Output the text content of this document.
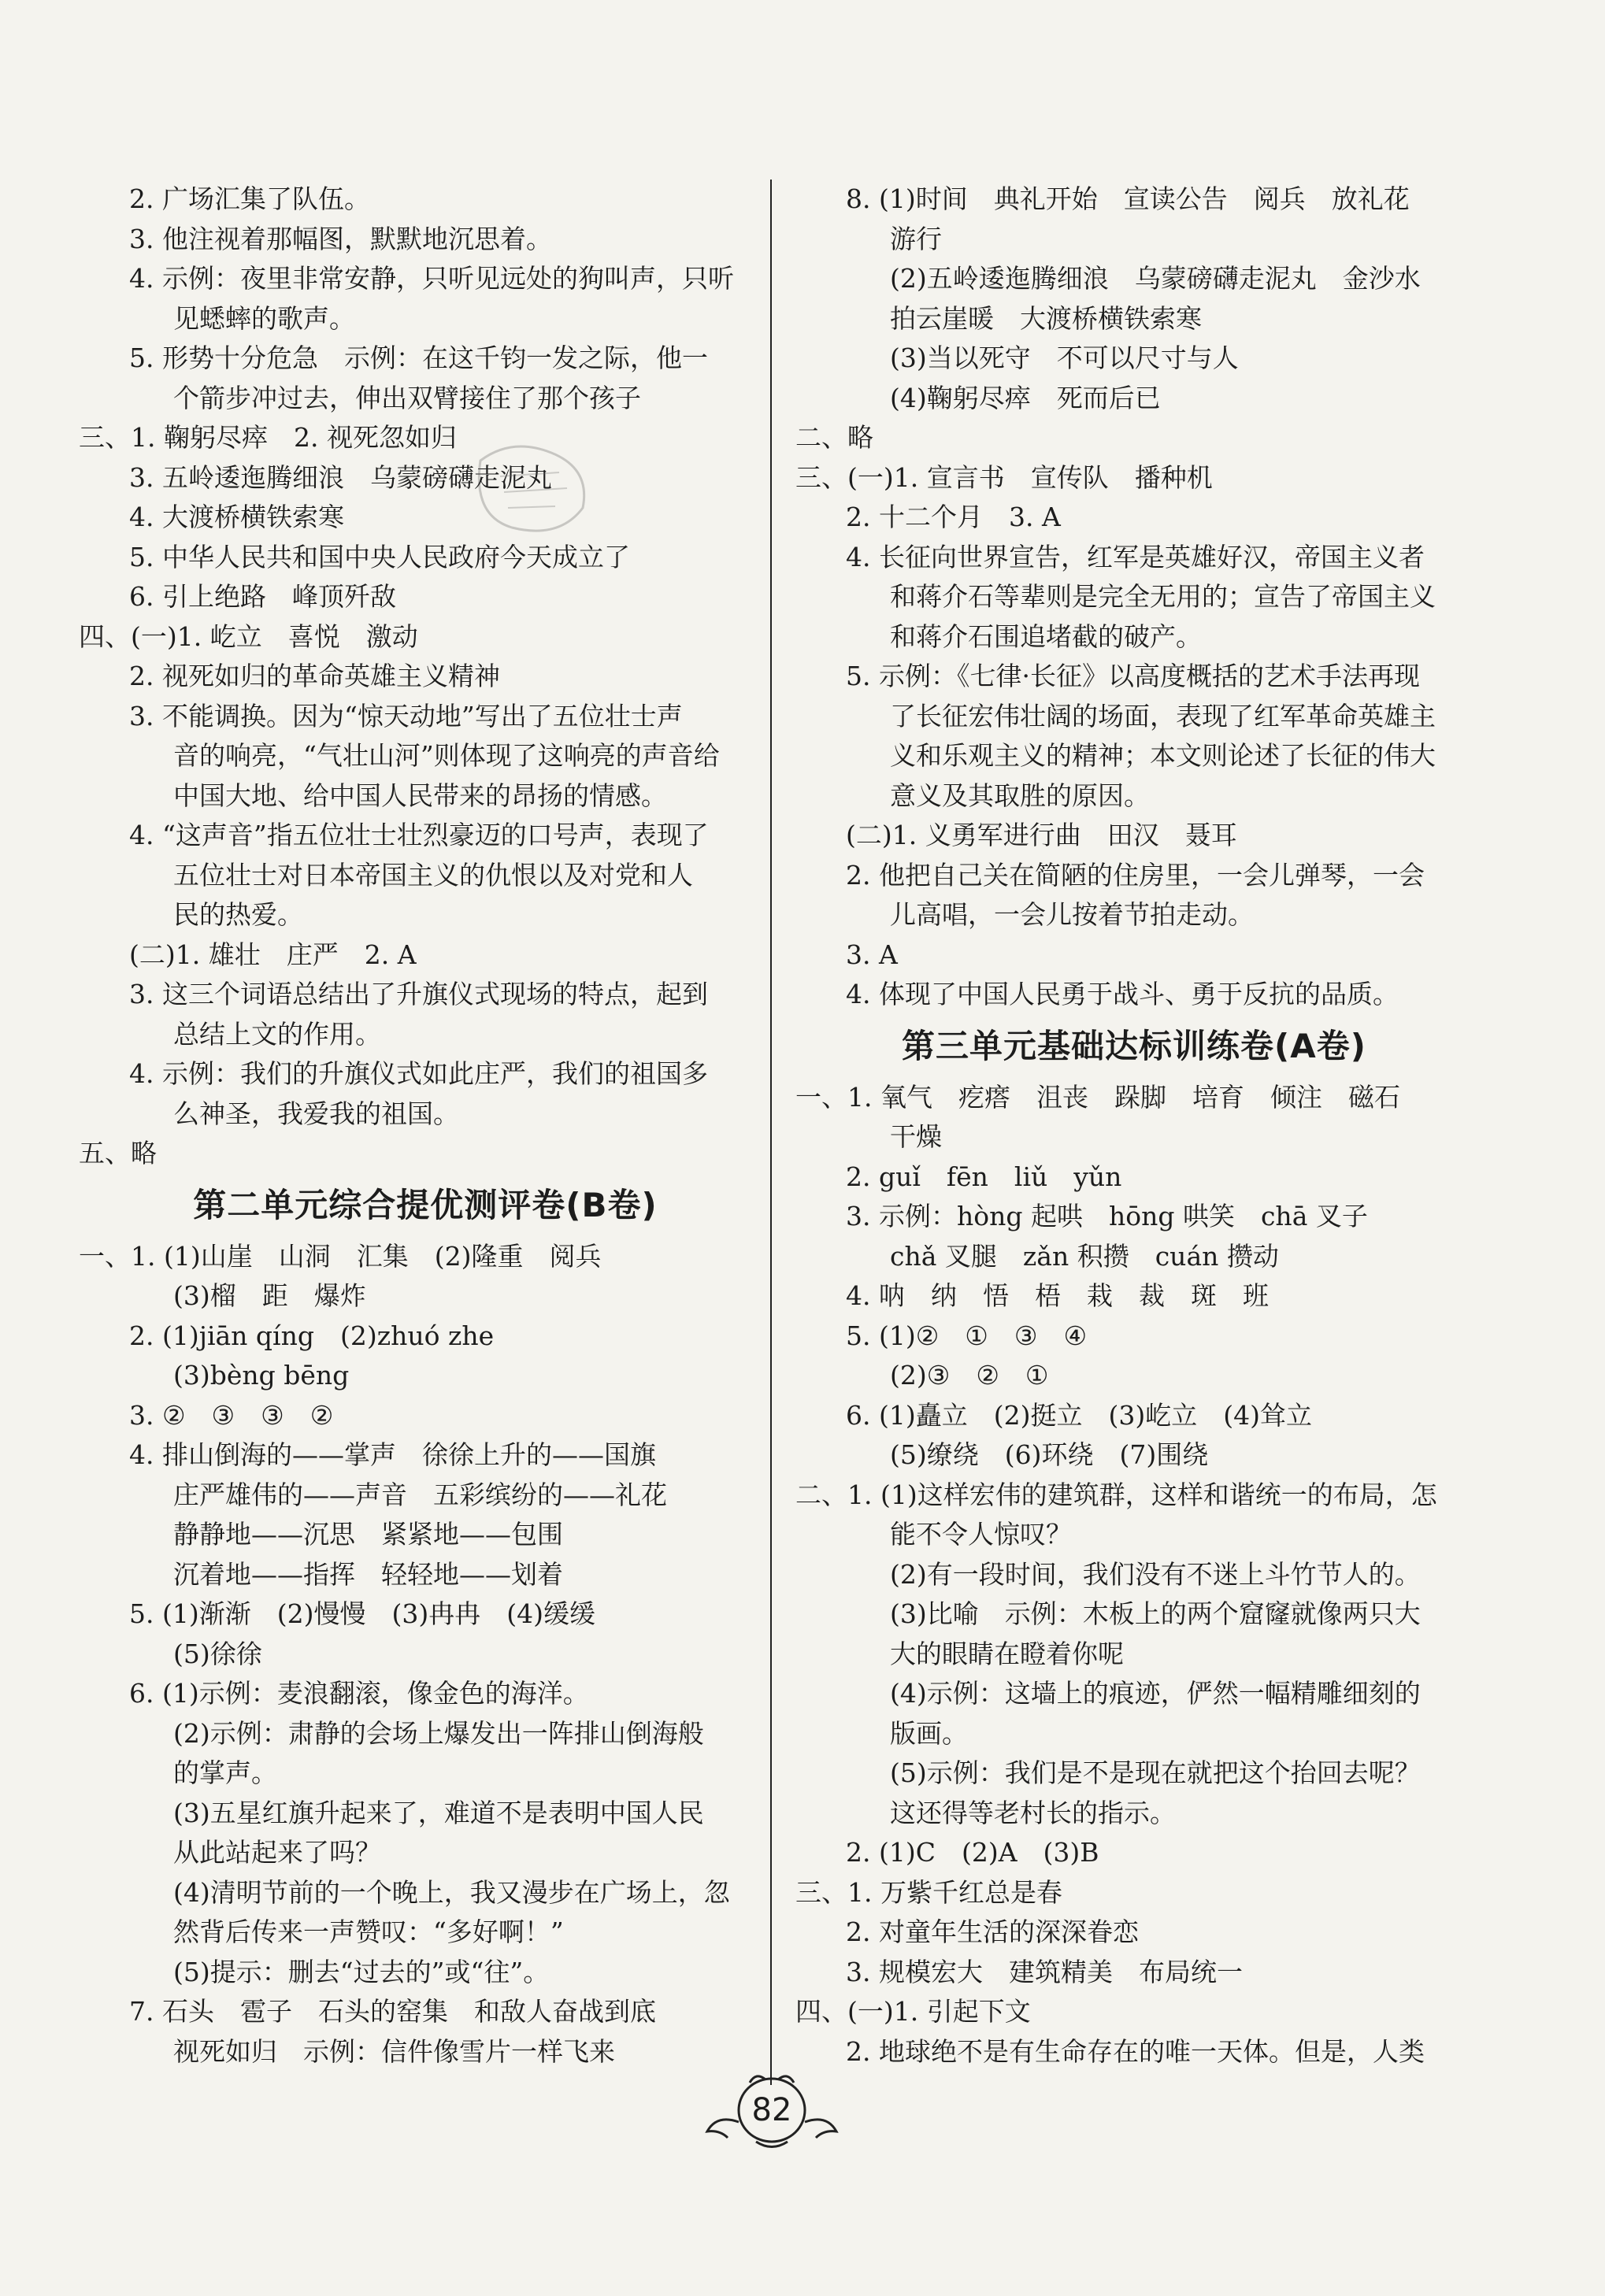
2. 广场汇集了队伍。
3. 他注视着那幅图，默默地沉思着。
4. 示例：夜里非常安静，只听见远处的狗叫声，只听
见蟋蟀的歌声。
5. 形势十分危急　示例：在这千钧一发之际，他一
个箭步冲过去，伸出双臂接住了那个孩子
三、1. 鞠躬尽瘁　2. 视死忽如归
3. 五岭逶迤腾细浪　乌蒙磅礴走泥丸
4. 大渡桥横铁索寒
5. 中华人民共和国中央人民政府今天成立了
6. 引上绝路　峰顶歼敌
四、(一)1. 屹立　喜悦　激动
2. 视死如归的革命英雄主义精神
3. 不能调换。因为“惊天动地”写出了五位壮士声
音的响亮，“气壮山河”则体现了这响亮的声音给
中国大地、给中国人民带来的昂扬的情感。
4. “这声音”指五位壮士壮烈豪迈的口号声，表现了
五位壮士对日本帝国主义的仇恨以及对党和人
民的热爱。
(二)1. 雄壮　庄严　2. A
3. 这三个词语总结出了升旗仪式现场的特点，起到
总结上文的作用。
4. 示例：我们的升旗仪式如此庄严，我们的祖国多
么神圣，我爱我的祖国。
五、略
第二单元综合提优测评卷(B卷)
一、1. (1)山崖　山洞　汇集　(2)隆重　阅兵
(3)榴　距　爆炸
2. (1)jiān qíng　(2)zhuó zhe
(3)bèng bēng
3. ②　③　③　②
4. 排山倒海的——掌声　徐徐上升的——国旗
庄严雄伟的——声音　五彩缤纷的——礼花
静静地——沉思　紧紧地——包围
沉着地——指挥　轻轻地——划着
5. (1)渐渐　(2)慢慢　(3)冉冉　(4)缓缓
(5)徐徐
6. (1)示例：麦浪翻滚，像金色的海洋。
(2)示例：肃静的会场上爆发出一阵排山倒海般
的掌声。
(3)五星红旗升起来了，难道不是表明中国人民
从此站起来了吗？
(4)清明节前的一个晚上，我又漫步在广场上，忽
然背后传来一声赞叹：“多好啊！”
(5)提示：删去“过去的”或“往”。
7. 石头　雹子　石头的窑集　和敌人奋战到底
视死如归　示例：信件像雪片一样飞来
8. (1)时间　典礼开始　宣读公告　阅兵　放礼花
游行
(2)五岭逶迤腾细浪　乌蒙磅礴走泥丸　金沙水
拍云崖暖　大渡桥横铁索寒
(3)当以死守　不可以尺寸与人
(4)鞠躬尽瘁　死而后已
二、略
三、(一)1. 宣言书　宣传队　播种机
2. 十二个月　3. A
4. 长征向世界宣告，红军是英雄好汉，帝国主义者
和蒋介石等辈则是完全无用的；宣告了帝国主义
和蒋介石围追堵截的破产。
5. 示例：《七律·长征》以高度概括的艺术手法再现
了长征宏伟壮阔的场面，表现了红军革命英雄主
义和乐观主义的精神；本文则论述了长征的伟大
意义及其取胜的原因。
(二)1. 义勇军进行曲　田汉　聂耳
2. 他把自己关在简陋的住房里，一会儿弹琴，一会
儿高唱，一会儿按着节拍走动。
3. A
4. 体现了中国人民勇于战斗、勇于反抗的品质。
第三单元基础达标训练卷(A卷)
一、1. 氧气　疙瘩　沮丧　跺脚　培育　倾注　磁石
干燥
2. guǐ　fēn　liǔ　yǔn
3. 示例：hòng 起哄　hōng 哄笑　chā 叉子
chǎ 叉腿　zǎn 积攒　cuán 攒动
4. 呐　纳　悟　梧　栽　裁　斑　班
5. (1)②　①　③　④
(2)③　②　①
6. (1)矗立　(2)挺立　(3)屹立　(4)耸立
(5)缭绕　(6)环绕　(7)围绕
二、1. (1)这样宏伟的建筑群，这样和谐统一的布局，怎
能不令人惊叹？
(2)有一段时间，我们没有不迷上斗竹节人的。
(3)比喻　示例：木板上的两个窟窿就像两只大
大的眼睛在瞪着你呢
(4)示例：这墙上的痕迹，俨然一幅精雕细刻的
版画。
(5)示例：我们是不是现在就把这个抬回去呢？
这还得等老村长的指示。
2. (1)C　(2)A　(3)B
三、1. 万紫千红总是春
2. 对童年生活的深深眷恋
3. 规模宏大　建筑精美　布局统一
四、(一)1. 引起下文
2. 地球绝不是有生命存在的唯一天体。但是，人类
82
